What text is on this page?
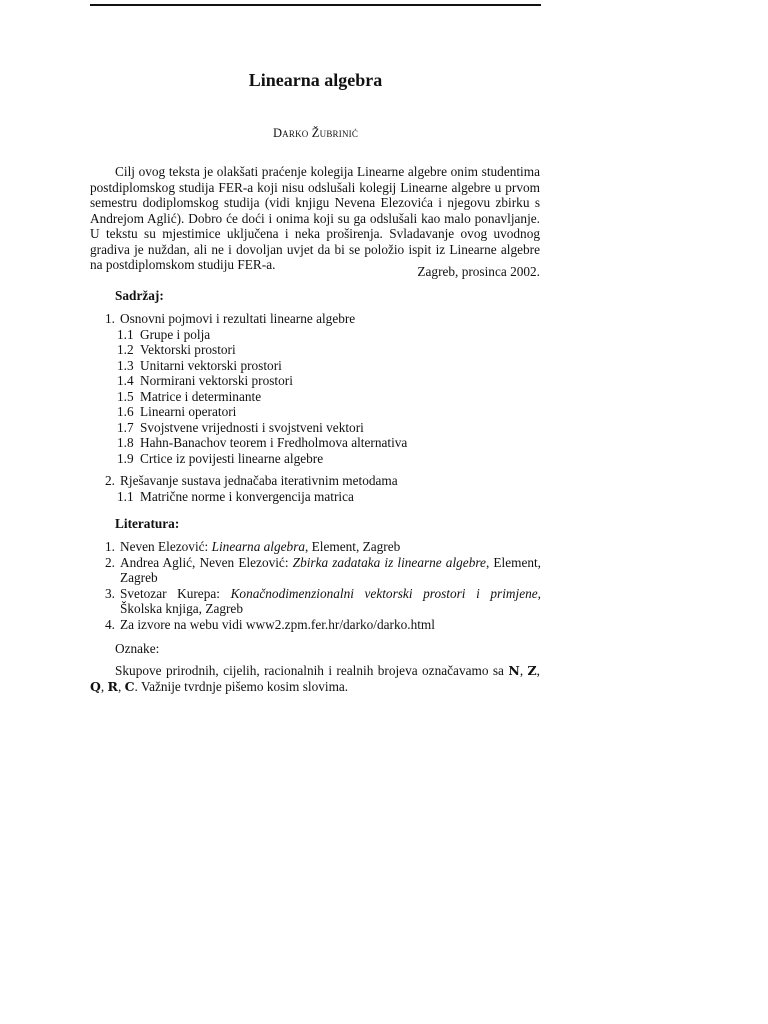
Linearna algebra
Darko Žubrinić
Cilj ovog teksta je olakšati praćenje kolegija Linearne algebre onim studentima postdiplomskog studija FER-a koji nisu odslušali kolegij Linearne algebre u prvom semestru dodiplomskog studija (vidi knjigu Nevena Elezovića i njegovu zbirku s Andrejom Aglić). Dobro će doći i onima koji su ga odslušali kao malo ponavljanje. U tekstu su mjestimice uključena i neka proširenja. Svladavanje ovog uvodnog gradiva je nuždan, ali ne i dovoljan uvjet da bi se položio ispit iz Linearne algebre na postdiplomskom studiju FER-a.	Zagreb, prosinca 2002.
Sadržaj:
1. Osnovni pojmovi i rezultati linearne algebre
1.1 Grupe i polja
1.2 Vektorski prostori
1.3 Unitarni vektorski prostori
1.4 Normirani vektorski prostori
1.5 Matrice i determinante
1.6 Linearni operatori
1.7 Svojstvene vrijednosti i svojstveni vektori
1.8 Hahn-Banachov teorem i Fredholmova alternativa
1.9 Crtice iz povijesti linearne algebre
2. Rješavanje sustava jednačaba iterativnim metodama
1.1 Matrične norme i konvergencija matrica
Literatura:
1. Neven Elezović: Linearna algebra, Element, Zagreb
2. Andrea Aglić, Neven Elezović: Zbirka zadataka iz linearne algebre, Element, Zagreb
3. Svetozar Kurepa: Konačnodimenzionalni vektorski prostori i primjene, Školska knjiga, Zagreb
4. Za izvore na webu vidi www2.zpm.fer.hr/darko/darko.html
Oznake:
Skupove prirodnih, cijelih, racionalnih i realnih brojeva označavamo sa N, Z, Q, R, C. Važnije tvrdnje pišemo kosim slovima.
